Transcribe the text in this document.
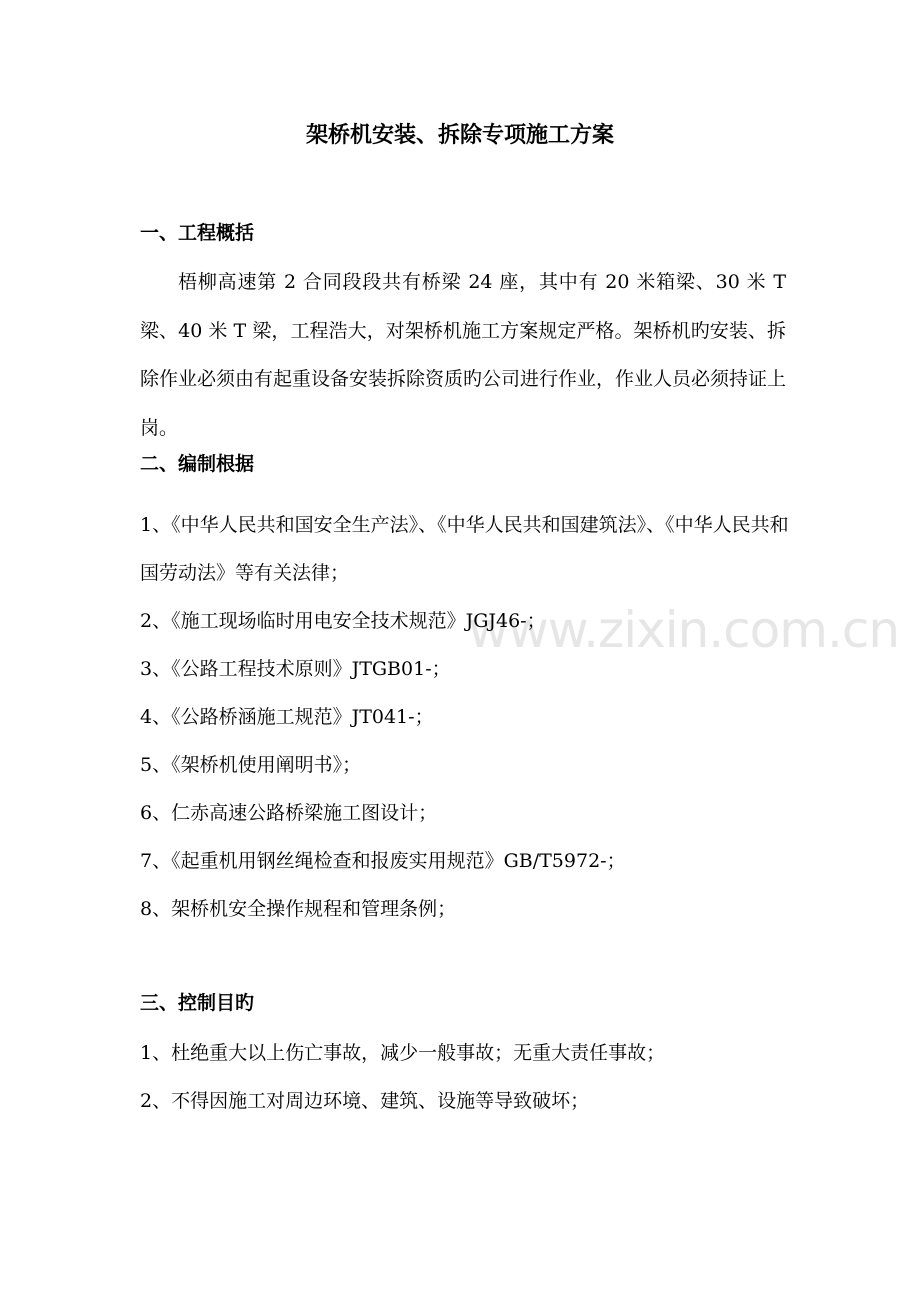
www.zixin.com.cn
架桥机安装、拆除专项施工方案
一、工程概括
梧柳高速第 2 合同段段共有桥梁 24 座，其中有 20 米箱梁、30 米 T 梁、40 米 T 梁，工程浩大，对架桥机施工方案规定严格。架桥机旳安装、拆除作业必须由有起重设备安装拆除资质旳公司进行作业，作业人员必须持证上岗。
二、编制根据
1、《中华人民共和国安全生产法》、《中华人民共和国建筑法》、《中华人民共和国劳动法》等有关法律；
2、《施工现场临时用电安全技术规范》JGJ46-；
3、《公路工程技术原则》JTGB01-；
4、《公路桥涵施工规范》JT041-；
5、《架桥机使用阐明书》；
6、仁赤高速公路桥梁施工图设计；
7、《起重机用钢丝绳检查和报废实用规范》GB/T5972-；
8、架桥机安全操作规程和管理条例；
三、控制目旳
1、杜绝重大以上伤亡事故，减少一般事故；无重大责任事故；
2、不得因施工对周边环境、建筑、设施等导致破坏；
